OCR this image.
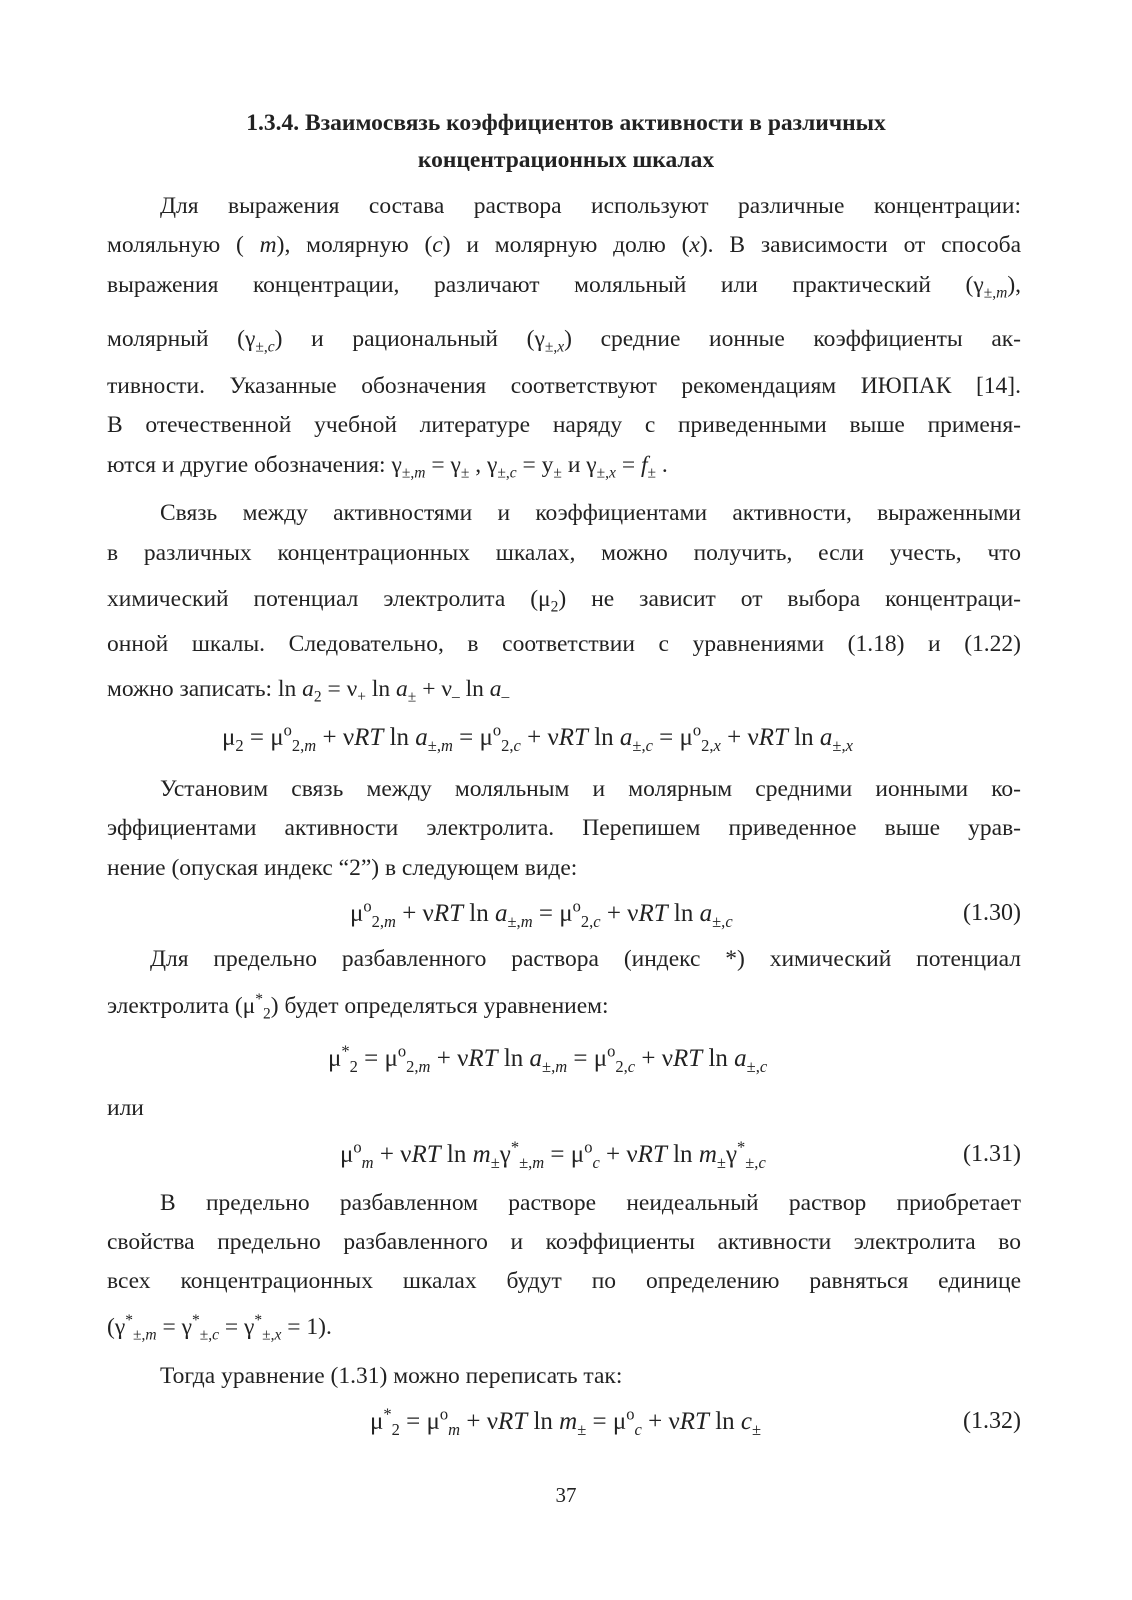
1.3.4. Взаимосвязь коэффициентов активности в различных
концентрационных шкалах
Для выражения состава раствора используют различные концентрации:
моляльную ( m), молярную (c) и молярную долю (x). В зависимости от способа
выражения концентрации, различают моляльный или практический $(\gamma_{\pm,m})$,
молярный $(\gamma_{\pm,c})$ и рациональный $(\gamma_{\pm,x})$ средние ионные коэффициенты ак-
тивности. Указанные обозначения соответствуют рекомендациям ИЮПАК [14].
В отечественной учебной литературе наряду с приведенными выше применя-
ются и другие обозначения: $\gamma_{\pm,m} = \gamma_\pm$ , $\gamma_{\pm,c} = y_\pm$ и $\gamma_{\pm,x} = f_\pm$ .
Связь между активностями и коэффициентами активности, выраженными
в различных концентрационных шкалах, можно получить, если учесть, что
химический потенциал электролита $(\mu_2)$ не зависит от выбора концентраци-
онной шкалы. Следовательно, в соответствии с уравнениями (1.18) и (1.22)
можно записать: $\ln a_2 = \nu_+$ $\ln a_\pm + \nu_-$ $\ln a_-$
$\mu_2 = \mu^o_{2,m} + \nu RT$ $\ln a_{\pm,m} = \mu^o_{2,c} + \nu RT$ $\ln a_{\pm,c} = \mu^o_{2,x} + \nu RT$ $\ln a_{\pm,x}$
Установим связь между моляльным и молярным средними ионными ко-
эффициентами активности электролита. Перепишем приведенное выше урав-
нение (опуская индекс “2”) в следующем виде:
$\mu^o_{2,m} + \nu RT$ $\ln a_{\pm,m} = \mu^o_{2,c} + \nu RT$ $\ln a_{\pm,c}$	(1.30)
Для предельно разбавленного раствора (индекс *) химический потенциал
электролита $(\mu^*_2)$ будет определяться уравнением:
$\mu^*_2 = \mu^o_{2,m} + \nu RT$ $\ln a_{\pm,m} = \mu^o_{2,c} + \nu RT$ $\ln a_{\pm,c}$
или
$\mu^o_m + \nu RT$ $\ln m_\pm\gamma^*_{\pm,m} = \mu^o_c + \nu RT$ $\ln m_\pm\gamma^*_{\pm,c}$	(1.31)
В предельно разбавленном растворе неидеальный раствор приобретает
свойства предельно разбавленного и коэффициенты активности электролита во
всех концентрационных шкалах будут по определению равняться единице
$(\gamma^*_{\pm,m} = \gamma^*_{\pm,c} = \gamma^*_{\pm,x} = 1)$.
Тогда уравнение (1.31) можно переписать так:
$\mu^*_2 = \mu^o_m + \nu RT$ $\ln m_\pm = \mu^o_c + \nu RT$ $\ln c_\pm$	(1.32)
37
